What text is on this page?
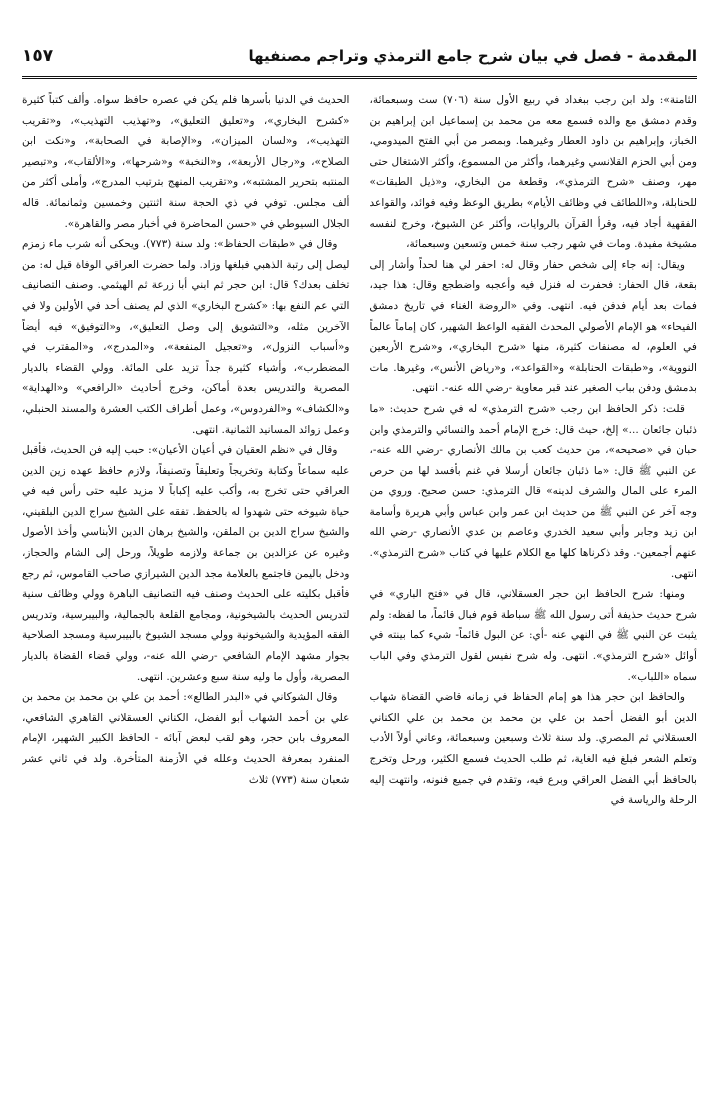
المقدمة - فصل في بيان شرح جامع الترمذي وتراجم مصنفيها
١٥٧

الثامنة»: ولد ابن رجب ببغداد في ربيع الأول سنة (٧٠٦) ست وسبعمائة، وقدم دمشق مع والده فسمع معه من محمد بن إسماعيل ابن إبراهيم بن الخباز، وإبراهيم بن داود العطار وغيرهما. وبمصر من أبي الفتح الميدومي، ومن أبي الحزم القلانسي وغيرهما، وأكثر من المسموع، وأكثر الاشتغال حتى مهر، وصنف «شرح الترمذي»، وقطعة من البخاري، و«ذيل الطبقات» للحنابلة، و«اللطائف في وظائف الأيام» بطريق الوعظ وفيه فوائد، والقواعد الفقهية أجاد فيه، وقرأ القرآن بالروايات، وأكثر عن الشيوخ، وخرج لنفسه مشيخة مفيدة. ومات في شهر رجب سنة خمس وتسعين وسبعمائة،

ويقال: إنه جاء إلى شخص حفار وقال له: احفر لي هنا لحداً وأشار إلى بقعة، قال الحفار: فحفرت له فنزل فيه وأعجبه واضطجع وقال: هذا جيد، فمات بعد أيام فدفن فيه. انتهى. وفي «الروضة الغناء في تاريخ دمشق الفيحاء» هو الإمام الأصولي المحدث الفقيه الواعظ الشهير، كان إماماً عالماً في العلوم، له مصنفات كثيرة، منها «شرح البخاري»، و«شرح الأربعين النووية»، و«طبقات الحنابلة» و«القواعد»، و«رياض الأنس»، وغيرها. مات بدمشق ودفن بباب الصغير عند قبر معاوية -رضي الله عنه-. انتهى.

قلت: ذكر الحافظ ابن رجب «شرح الترمذي» له في شرح حديث: «ما ذئبان جائعان ...» إلخ، حيث قال: خرج الإمام أحمد والنسائي والترمذي وابن حبان في «صحيحه»، من حديث كعب بن مالك الأنصاري -رضي الله عنه-، عن النبي ﷺ قال: «ما ذئبان جائعان أرسلا في غنم بأفسد لها من حرص المرء على المال والشرف لدينه» قال الترمذي: حسن صحيح. وروي من وجه آخر عن النبي ﷺ من حديث ابن عمر وابن عباس وأبي هريرة وأسامة ابن زيد وجابر وأبي سعيد الخدري وعاصم بن عدي الأنصاري -رضي الله عنهم أجمعين-. وقد ذكرناها كلها مع الكلام عليها في كتاب «شرح الترمذي». انتهى.

ومنها: شرح الحافظ ابن حجر العسقلاني، قال في «فتح الباري» في شرح حديث حذيفة أتى رسول الله ﷺ سباطة قوم فبال قائماً، ما لفظه: ولم يثبت عن النبي ﷺ في النهي عنه -أي: عن البول قائماً- شيء كما بينته في أوائل «شرح الترمذي». انتهى. وله شرح نفيس لقول الترمذي وفي الباب سماه «اللباب».

والحافظ ابن حجر هذا هو إمام الحفاظ في زمانه قاضي القضاة شهاب الدين أبو الفضل أحمد بن علي بن محمد بن محمد بن علي الكناني العسقلاني ثم المصري. ولد سنة ثلاث وسبعين وسبعمائة، وعاني أولاً الأدب وتعلم الشعر فبلغ فيه الغاية، ثم طلب الحديث فسمع الكثير، ورحل وتخرج بالحافظ أبي الفضل العراقي وبرع فيه، وتقدم في جميع فنونه، وانتهت إليه الرحلة والرياسة في

الحديث في الدنيا بأسرها فلم يكن في عصره حافظ سواه. وألف كتباً كثيرة «كشرح البخاري»، و«تعليق التعليق»، و«تهذيب التهذيب»، و«تقريب التهذيب»، و«لسان الميزان»، و«الإصابة في الصحابة»، و«نكت ابن الصلاح»، و«رجال الأربعة»، و«النخبة» و«شرحها»، و«الألقاب»، و«تبصير المنتبه بتحرير المشتبه»، و«تقريب المنهج بترتيب المدرج»، وأملى أكثر من ألف مجلس. توفي في ذي الحجة سنة اثنتين وخمسين وثمانمائة. قاله الجلال السيوطي في «حسن المحاضرة في أخبار مصر والقاهرة».

وقال في «طبقات الحفاظ»: ولد سنة (٧٧٣). ويحكى أنه شرب ماء زمزم ليصل إلى رتبة الذهبي فبلغها وزاد. ولما حضرت العراقي الوفاة قيل له: من تخلف بعدك؟ قال: ابن حجر ثم ابني أبا زرعة ثم الهيثمي. وصنف التصانيف التي عم النفع بها: «كشرح البخاري» الذي لم يصنف أحد في الأولين ولا في الآخرين مثله، و«التشويق إلى وصل التعليق»، و«التوفيق» فيه أيضاً و«أسباب النزول»، و«تعجيل المنفعة»، و«المدرج»، و«المقترب في المضطرب»، وأشياء كثيرة جداً تزيد على المائة. وولي القضاء بالديار المصرية والتدريس بعدة أماكن، وخرج أحاديث «الرافعي» و«الهداية» و«الكشاف» و«الفردوس»، وعمل أطراف الكتب العشرة والمسند الحنبلي، وعمل زوائد المسانيد الثمانية. انتهى.

وقال في «نظم العقيان في أعيان الأعيان»: حبب إليه فن الحديث، فأقبل عليه سماعاً وكتابة وتخريجاً وتعليقاً وتصنيفاً، ولازم حافظ عهده زين الدين العراقي حتى تخرج به، وأكب عليه إكباباً لا مزيد عليه حتى رأس فيه في حياة شيوخه حتى شهدوا له بالحفظ. تفقه على الشيخ سراج الدين البلقيني، والشيخ سراج الدين بن الملقن، والشيخ برهان الدين الأبناسي وأخذ الأصول وغيره عن عزالدين بن جماعة ولازمه طويلاً، ورحل إلى الشام والحجاز، ودخل باليمن فاجتمع بالعلامة مجد الدين الشيرازي صاحب القاموس، ثم رجع فأقبل بكليته على الحديث وصنف فيه التصانيف الباهرة وولي وظائف سنية لتدريس الحديث بالشيخونية، ومجامع القلعة بالجمالية، والبيبرسية، وتدريس الفقه المؤيدية والشيخونية وولي مسجد الشيوخ بالبيبرسية ومسجد الصلاحية بجوار مشهد الإمام الشافعي -رضي الله عنه-، وولي قضاء القضاة بالديار المصرية، وأول ما وليه سنة سبع وعشرين. انتهى.

وقال الشوكاني في «البدر الطالع»: أحمد بن علي بن محمد بن محمد بن علي بن أحمد الشهاب أبو الفضل، الكناني العسقلاني القاهري الشافعي، المعروف بابن حجر، وهو لقب لبعض آبائه - الحافظ الكبير الشهير، الإمام المنفرد بمعرفة الحديث وعلله في الأزمنة المتأخرة. ولد في ثاني عشر شعبان سنة (٧٧٣) ثلاث
